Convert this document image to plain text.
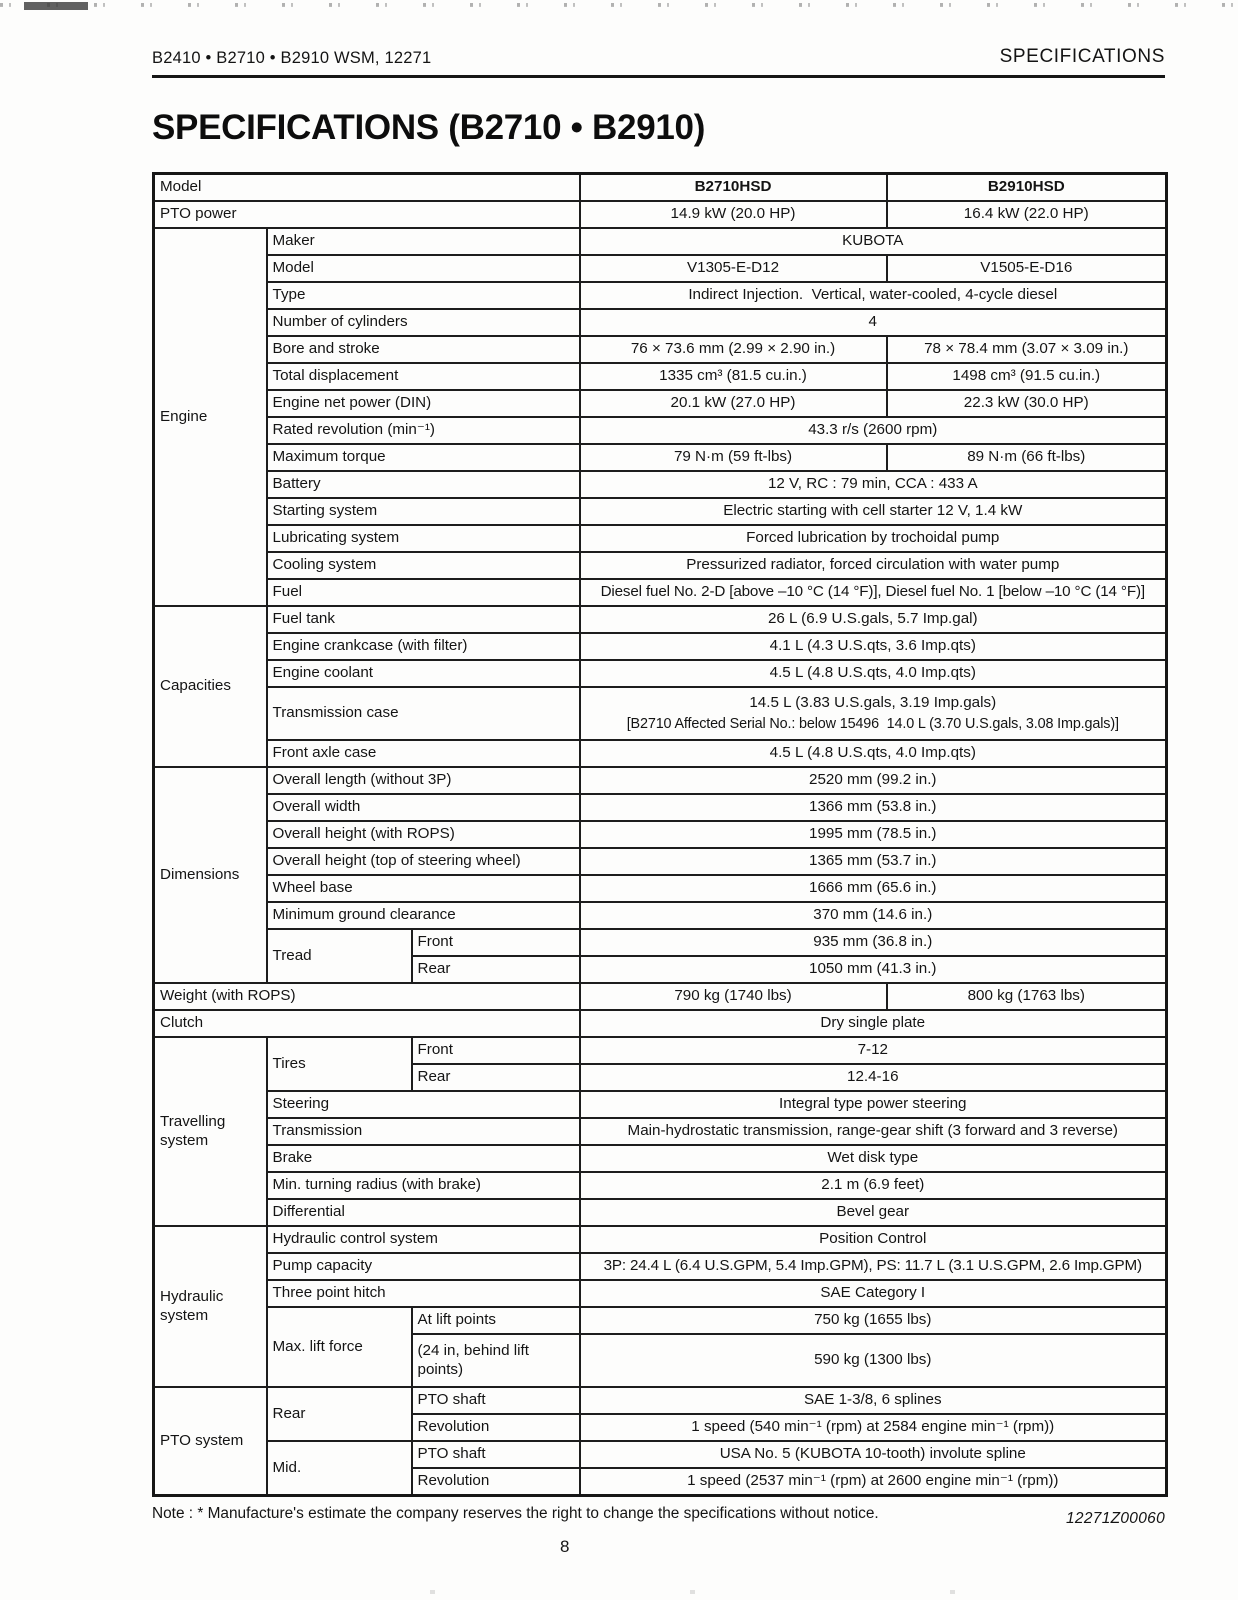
B2410 • B2710 • B2910 WSM, 12271	SPECIFICATIONS
SPECIFICATIONS (B2710 • B2910)
Model			B2710HSD	B2910HSD
PTO power			14.9 kW (20.0 HP)	16.4 kW (22.0 HP)
Engine	Maker		KUBOTA	
	Model		V1305-E-D12	V1505-E-D16
	Type		Indirect Injection.  Vertical, water-cooled, 4-cycle diesel	
	Number of cylinders		4	
	Bore and stroke		76 × 73.6 mm (2.99 × 2.90 in.)	78 × 78.4 mm (3.07 × 3.09 in.)
	Total displacement		1335 cm³ (81.5 cu.in.)	1498 cm³ (91.5 cu.in.)
	Engine net power (DIN)		20.1 kW (27.0 HP)	22.3 kW (30.0 HP)
	Rated revolution (min⁻¹)		43.3 r/s (2600 rpm)	
	Maximum torque		79 N·m (59 ft-lbs)	89 N·m (66 ft-lbs)
	Battery		12 V, RC : 79 min, CCA : 433 A	
	Starting system		Electric starting with cell starter 12 V, 1.4 kW	
	Lubricating system		Forced lubrication by trochoidal pump	
	Cooling system		Pressurized radiator, forced circulation with water pump	
	Fuel		Diesel fuel No. 2-D [above –10 °C (14 °F)], Diesel fuel No. 1 [below –10 °C (14 °F)]	
Capacities	Fuel tank		26 L (6.9 U.S.gals, 5.7 Imp.gal)	
	Engine crankcase (with filter)		4.1 L (4.3 U.S.qts, 3.6 Imp.qts)	
	Engine coolant		4.5 L (4.8 U.S.qts, 4.0 Imp.qts)	
	Transmission case		14.5 L (3.83 U.S.gals, 3.19 Imp.gals)
[B2710 Affected Serial No.: below 15496  14.0 L (3.70 U.S.gals, 3.08 Imp.gals)]	

	Front axle case		4.5 L (4.8 U.S.qts, 4.0 Imp.qts)	
Dimensions	Overall length (without 3P)		2520 mm (99.2 in.)	
	Overall width		1366 mm (53.8 in.)	
	Overall height (with ROPS)		1995 mm (78.5 in.)	
	Overall height (top of steering wheel)		1365 mm (53.7 in.)	
	Wheel base		1666 mm (65.6 in.)	
	Minimum ground clearance		370 mm (14.6 in.)	
	Tread	Front	935 mm (36.8 in.)	
		Rear	1050 mm (41.3 in.)	
Weight (with ROPS)			790 kg (1740 lbs)	800 kg (1763 lbs)
Clutch			Dry single plate	
Travelling system	Tires	Front	7-12	
		Rear	12.4-16	
	Steering		Integral type power steering	
	Transmission		Main-hydrostatic transmission, range-gear shift (3 forward and 3 reverse)	
	Brake		Wet disk type	
	Min. turning radius (with brake)		2.1 m (6.9 feet)	
	Differential		Bevel gear	
Hydraulic system	Hydraulic control system		Position Control	
	Pump capacity		3P: 24.4 L (6.4 U.S.GPM, 5.4 Imp.GPM), PS: 11.7 L (3.1 U.S.GPM, 2.6 Imp.GPM)	
	Three point hitch		SAE Category I	
	Max. lift force	At lift points	750 kg (1655 lbs)	
		(24 in, behind lift points)	590 kg (1300 lbs)	
PTO system	Rear	PTO shaft	SAE 1-3/8, 6 splines	
		Revolution	1 speed (540 min⁻¹ (rpm) at 2584 engine min⁻¹ (rpm))	
	Mid.	PTO shaft	USA No. 5 (KUBOTA 10-tooth) involute spline	
		Revolution	1 speed (2537 min⁻¹ (rpm) at 2600 engine min⁻¹ (rpm))	
Note : * Manufacture's estimate the company reserves the right to change the specifications without notice.	12271Z00060
8
